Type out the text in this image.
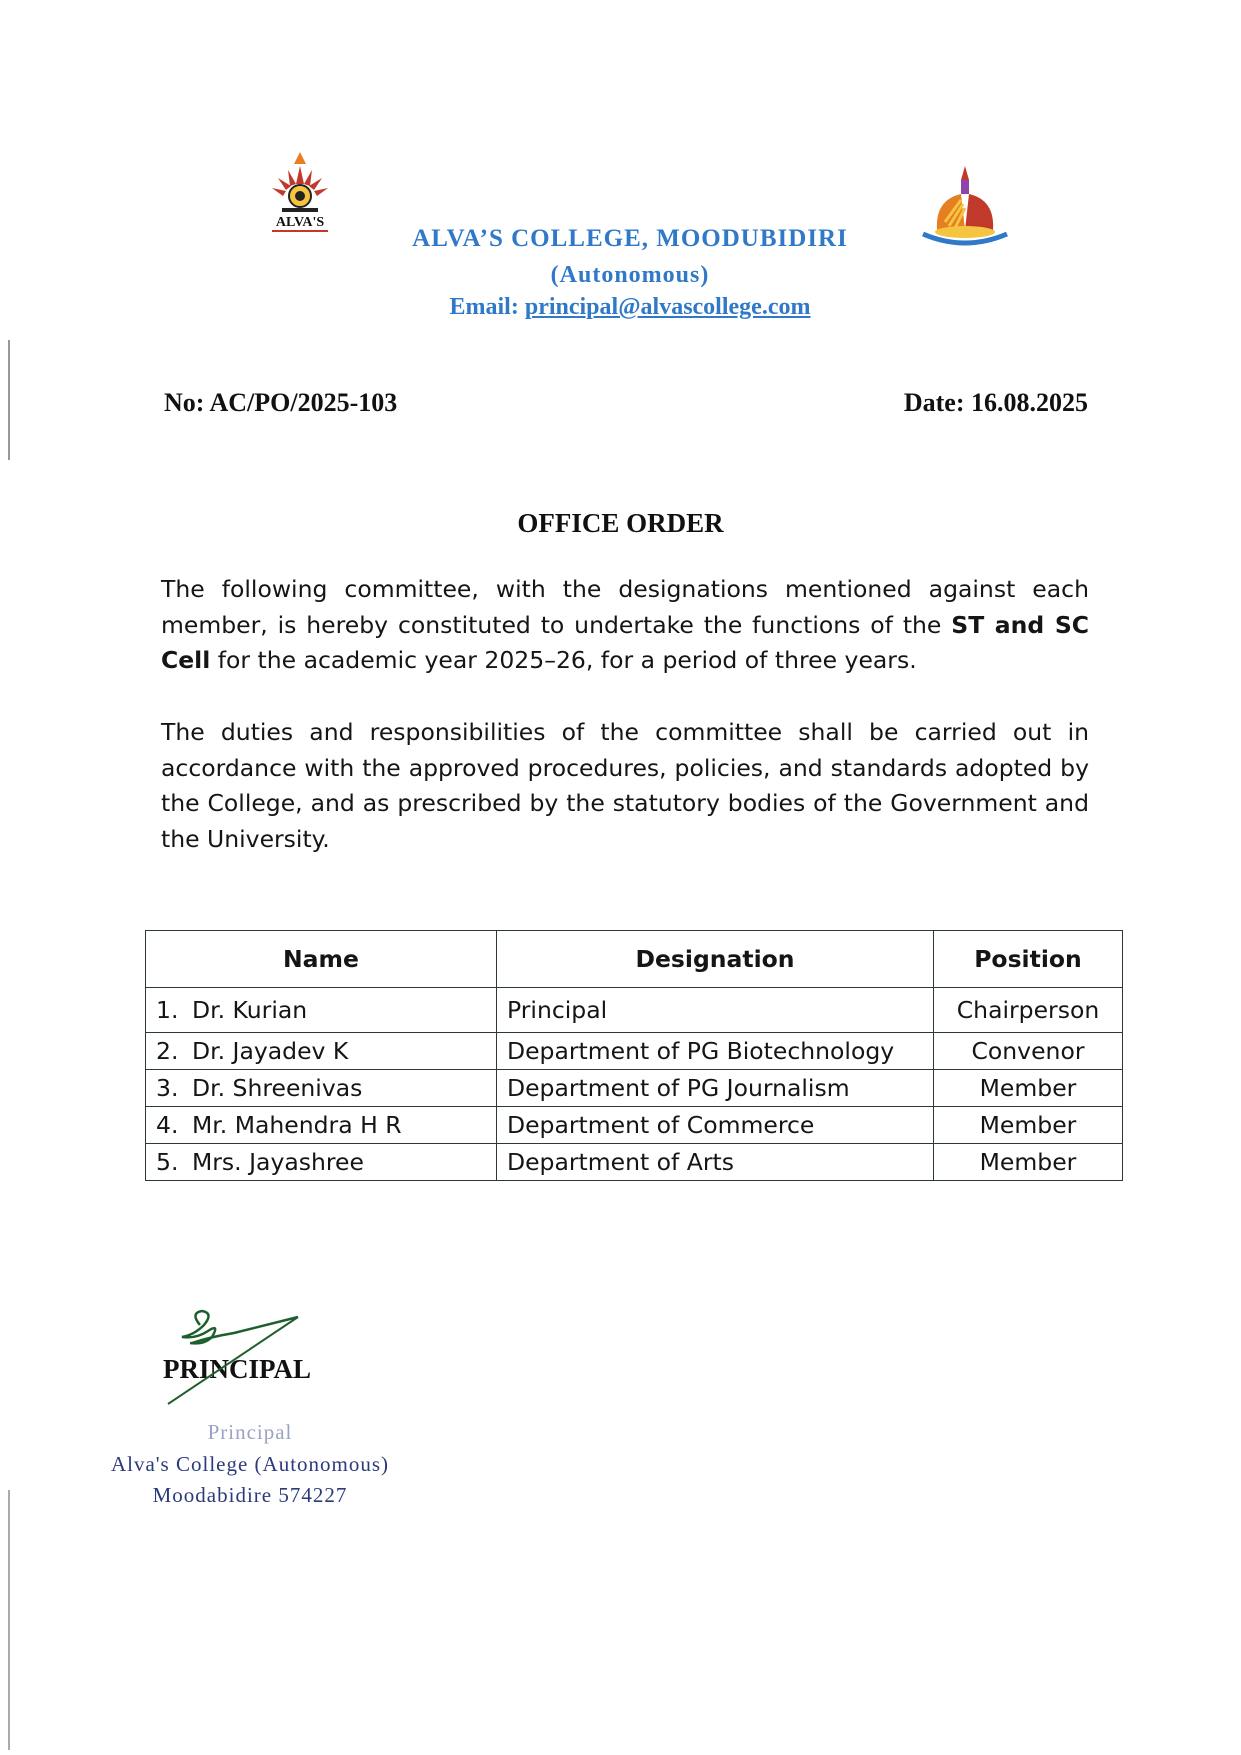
ALVA'S
ALVA’S COLLEGE, MOODUBIDIRI
(Autonomous)
Email: principal@alvascollege.com
No: AC/PO/2025-103	Date: 16.08.2025
OFFICE ORDER
The following committee, with the designations mentioned against each member, is hereby constituted to undertake the functions of the ST and SC Cell for the academic year 2025–26, for a period of three years.
The duties and responsibilities of the committee shall be carried out in accordance with the approved procedures, policies, and standards adopted by the College, and as prescribed by the statutory bodies of the Government and the University.
Name	Designation	Position
1. Dr. Kurian	Principal	Chairperson
2. Dr. Jayadev K	Department of PG Biotechnology	Convenor
3. Dr. Shreenivas	Department of PG Journalism	Member
4. Mr. Mahendra H R	Department of Commerce	Member
5. Mrs. Jayashree	Department of Arts	Member
PRINCIPAL
Principal
Alva's College (Autonomous)
Moodabidire 574227
